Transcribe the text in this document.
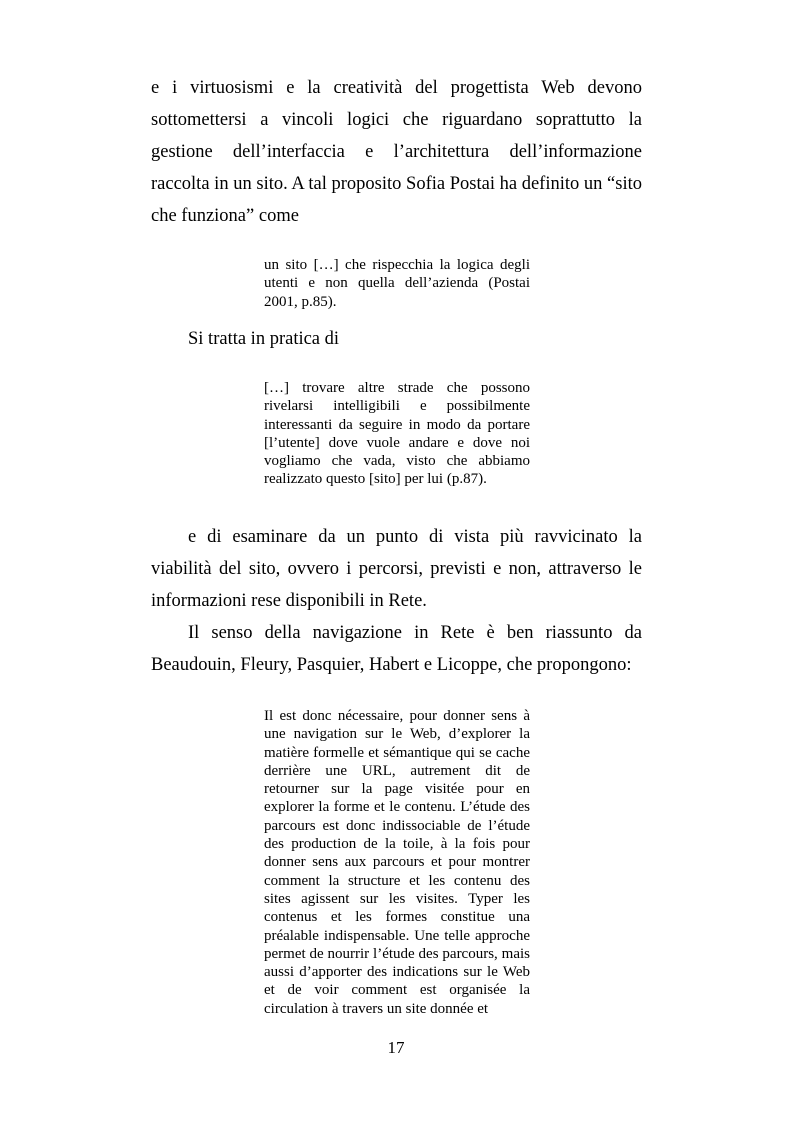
e i virtuosismi e la creatività del progettista Web devono sottomettersi a vincoli logici che riguardano soprattutto la gestione dell’interfaccia e l’architettura dell’informazione raccolta in un sito. A tal proposito Sofia Postai ha definito un “sito che funziona” come

un sito […] che rispecchia la logica degli utenti e non quella dell’azienda (Postai 2001, p.85).

Si tratta in pratica di

[…] trovare altre strade che possono rivelarsi intelligibili e possibilmente interessanti da seguire in modo da portare [l’utente] dove vuole andare e dove noi vogliamo che vada, visto che abbiamo realizzato questo [sito] per lui (p.87).

e di esaminare da un punto di vista più ravvicinato la viabilità del sito, ovvero i percorsi, previsti e non, attraverso le informazioni rese disponibili in Rete.

Il senso della navigazione in Rete è ben riassunto da Beaudouin, Fleury, Pasquier, Habert e Licoppe, che propongono:

Il est donc nécessaire, pour donner sens à une navigation sur le Web, d’explorer la matière formelle et sémantique qui se cache derrière une URL, autrement dit de retourner sur la page visitée pour en explorer la forme et le contenu. L’étude des parcours est donc indissociable de l’étude des production de la toile, à la fois pour donner sens aux parcours et pour montrer comment la structure et les contenu des sites agissent sur les visites. Typer les contenus et les formes constitue una préalable indispensable. Une telle approche permet de nourrir l’étude des parcours, mais aussi d’apporter des indications sur le Web et de voir comment est organisée la circulation à travers un site donnée et

17
